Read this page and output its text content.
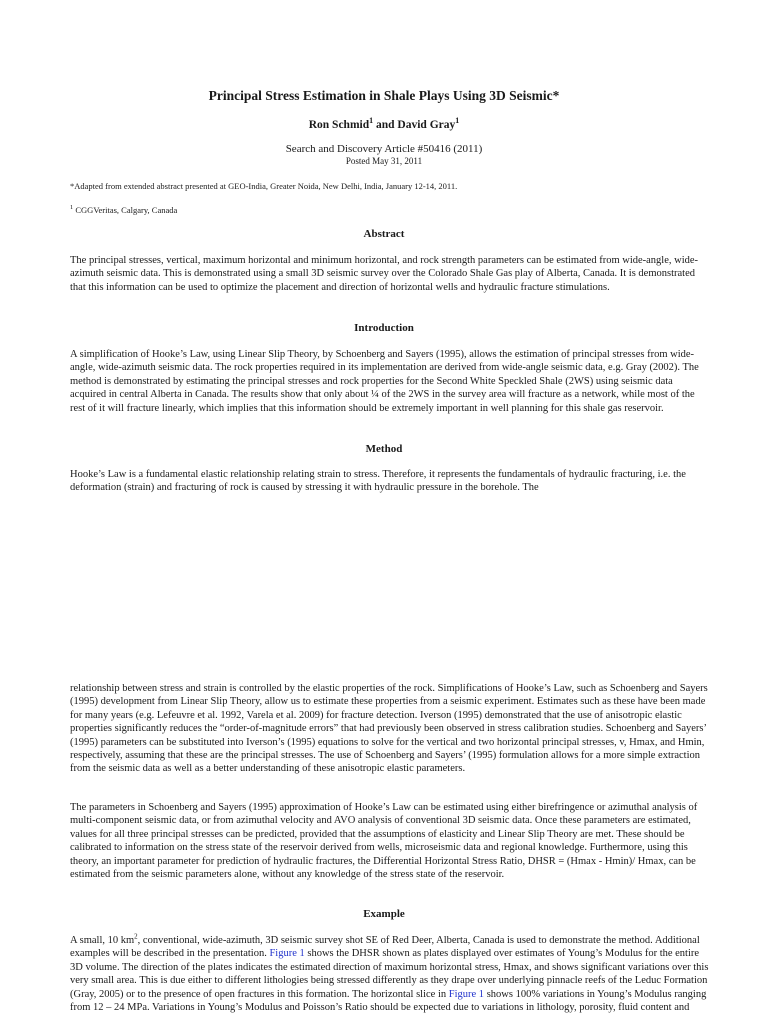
Principal Stress Estimation in Shale Plays Using 3D Seismic*
Ron Schmid$^1$ and David Gray$^1$
Search and Discovery Article #50416 (2011)
Posted May 31, 2011
*Adapted from extended abstract presented at GEO-India, Greater Noida, New Delhi, India, January 12-14, 2011.
$^1$ CGGVeritas, Calgary, Canada
Abstract
The principal stresses, vertical, maximum horizontal and minimum horizontal, and rock strength parameters can be estimated from wide-angle, wide-azimuth seismic data. This is demonstrated using a small 3D seismic survey over the Colorado Shale Gas play of Alberta, Canada. It is demonstrated that this information can be used to optimize the placement and direction of horizontal wells and hydraulic fracture stimulations.
Introduction
A simplification of Hooke’s Law, using Linear Slip Theory, by Schoenberg and Sayers (1995), allows the estimation of principal stresses from wide-angle, wide-azimuth seismic data. The rock properties required in its implementation are derived from wide-angle seismic data, e.g. Gray (2002). The method is demonstrated by estimating the principal stresses and rock properties for the Second White Speckled Shale (2WS) using seismic data acquired in central Alberta in Canada. The results show that only about ¼ of the 2WS in the survey area will fracture as a network, while most of the rest of it will fracture linearly, which implies that this information should be extremely important in well planning for this shale gas reservoir.
Method
Hooke’s Law is a fundamental elastic relationship relating strain to stress. Therefore, it represents the fundamentals of hydraulic fracturing, i.e. the deformation (strain) and fracturing of rock is caused by stressing it with hydraulic pressure in the borehole. The
relationship between stress and strain is controlled by the elastic properties of the rock. Simplifications of Hooke’s Law, such as Schoenberg and Sayers (1995) development from Linear Slip Theory, allow us to estimate these properties from a seismic experiment. Estimates such as these have been made for many years (e.g. Lefeuvre et al. 1992, Varela et al. 2009) for fracture detection. Iverson (1995) demonstrated that the use of anisotropic elastic properties significantly reduces the “order-of-magnitude errors” that had previously been observed in stress calibration studies. Schoenberg and Sayers’ (1995) parameters can be substituted into Iverson’s (1995) equations to solve for the vertical and two horizontal principal stresses, v, Hmax, and Hmin, respectively, assuming that these are the principal stresses. The use of Schoenberg and Sayers’ (1995) formulation allows for a more simple extraction from the seismic data as well as a better understanding of these anisotropic elastic parameters.
The parameters in Schoenberg and Sayers (1995) approximation of Hooke’s Law can be estimated using either birefringence or azimuthal analysis of multi-component seismic data, or from azimuthal velocity and AVO analysis of conventional 3D seismic data. Once these parameters are estimated, values for all three principal stresses can be predicted, provided that the assumptions of elasticity and Linear Slip Theory are met. These should be calibrated to information on the stress state of the reservoir derived from wells, microseismic data and regional knowledge. Furthermore, using this theory, an important parameter for prediction of hydraulic fractures, the Differential Horizontal Stress Ratio, DHSR = (Hmax - Hmin)/ Hmax, can be estimated from the seismic parameters alone, without any knowledge of the stress state of the reservoir.
Example
A small, 10 $km^2$, conventional, wide-azimuth, 3D seismic survey shot SE of Red Deer, Alberta, Canada is used to demonstrate the method. Additional examples will be described in the presentation. Figure 1 shows the DHSR shown as plates displayed over estimates of Young’s Modulus for the entire 3D volume. The direction of the plates indicates the estimated direction of maximum horizontal stress, Hmax, and shows significant variations over this very small area. This is due either to different lithologies being stressed differently as they drape over underlying pinnacle reefs of the Leduc Formation (Gray, 2005) or to the presence of open fractures in this formation. The horizontal slice in Figure 1 shows 100% variations in Young’s Modulus ranging from 12 – 24 MPa. Variations in Young’s Modulus and Poisson’s Ratio should be expected due to variations in lithology, porosity, fluid content and
